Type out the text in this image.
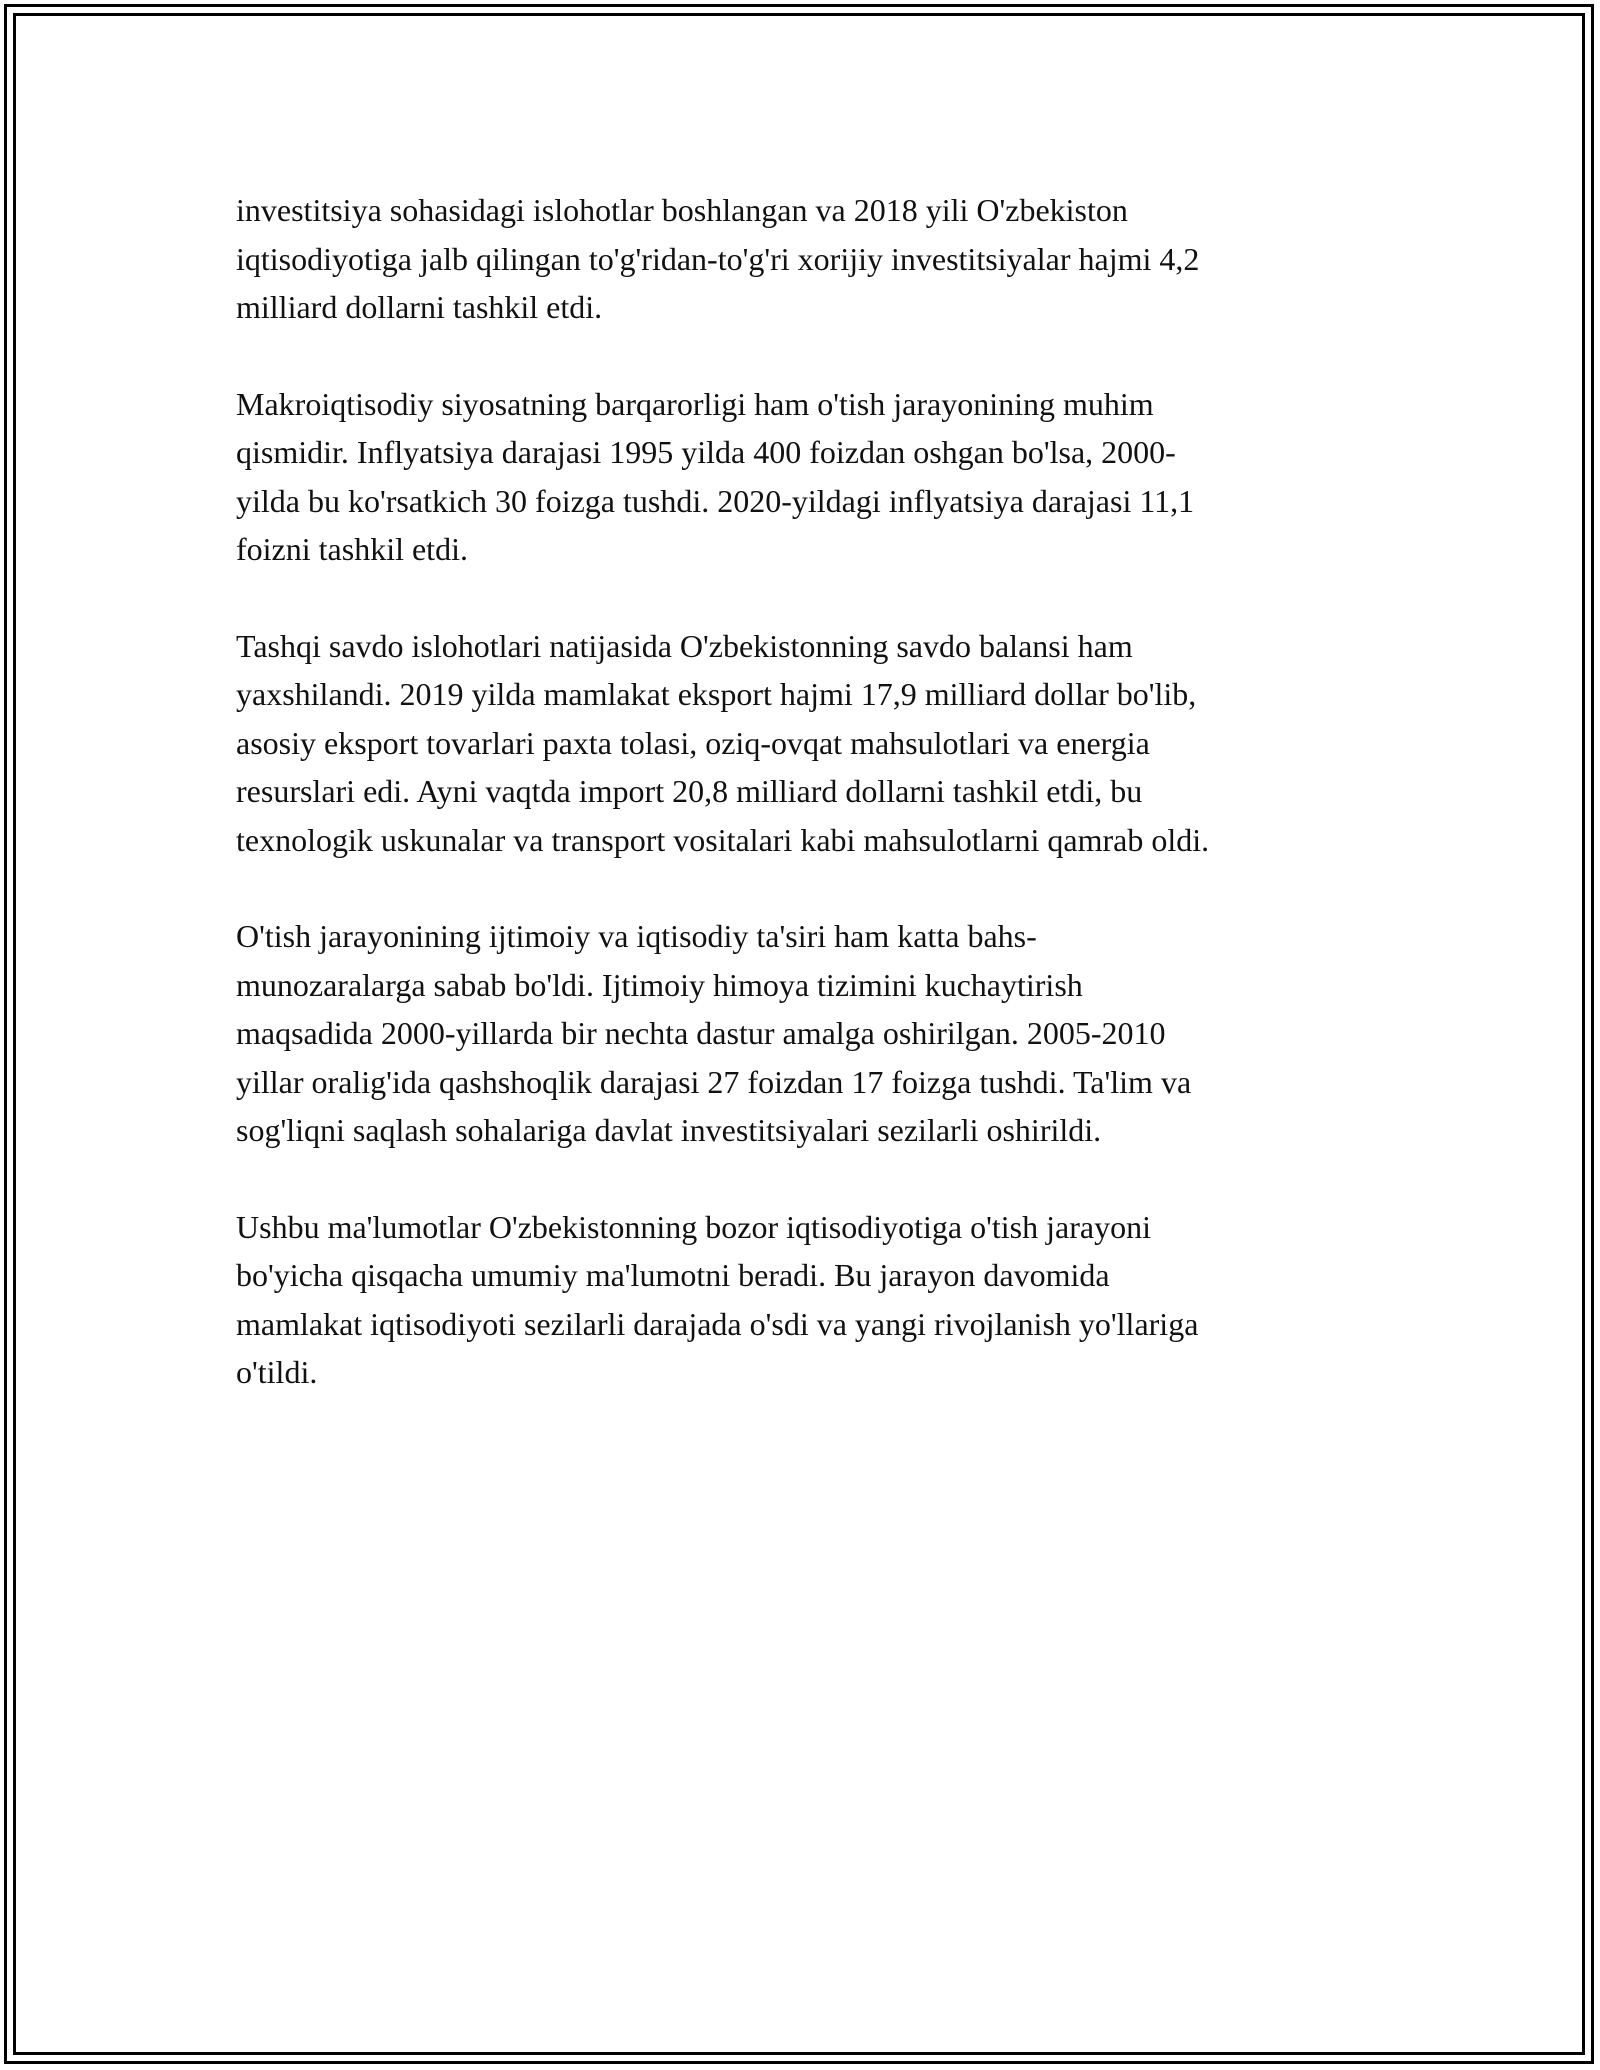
investitsiya sohasidagi islohotlar boshlangan va 2018 yili O'zbekiston
iqtisodiyotiga jalb qilingan to'g'ridan-to'g'ri xorijiy investitsiyalar hajmi 4,2
milliard dollarni tashkil etdi.

Makroiqtisodiy siyosatning barqarorligi ham o'tish jarayonining muhim
qismidir. Inflyatsiya darajasi 1995 yilda 400 foizdan oshgan bo'lsa, 2000-
yilda bu ko'rsatkich 30 foizga tushdi. 2020-yildagi inflyatsiya darajasi 11,1
foizni tashkil etdi.

Tashqi savdo islohotlari natijasida O'zbekistonning savdo balansi ham
yaxshilandi. 2019 yilda mamlakat eksport hajmi 17,9 milliard dollar bo'lib,
asosiy eksport tovarlari paxta tolasi, oziq-ovqat mahsulotlari va energia
resurslari edi. Ayni vaqtda import 20,8 milliard dollarni tashkil etdi, bu
texnologik uskunalar va transport vositalari kabi mahsulotlarni qamrab oldi.

O'tish jarayonining ijtimoiy va iqtisodiy ta'siri ham katta bahs-
munozaralarga sabab bo'ldi. Ijtimoiy himoya tizimini kuchaytirish
maqsadida 2000-yillarda bir nechta dastur amalga oshirilgan. 2005-2010
yillar oralig'ida qashshoqlik darajasi 27 foizdan 17 foizga tushdi. Ta'lim va
sog'liqni saqlash sohalariga davlat investitsiyalari sezilarli oshirildi.

Ushbu ma'lumotlar O'zbekistonning bozor iqtisodiyotiga o'tish jarayoni
bo'yicha qisqacha umumiy ma'lumotni beradi. Bu jarayon davomida
mamlakat iqtisodiyoti sezilarli darajada o'sdi va yangi rivojlanish yo'llariga
o'tildi.
